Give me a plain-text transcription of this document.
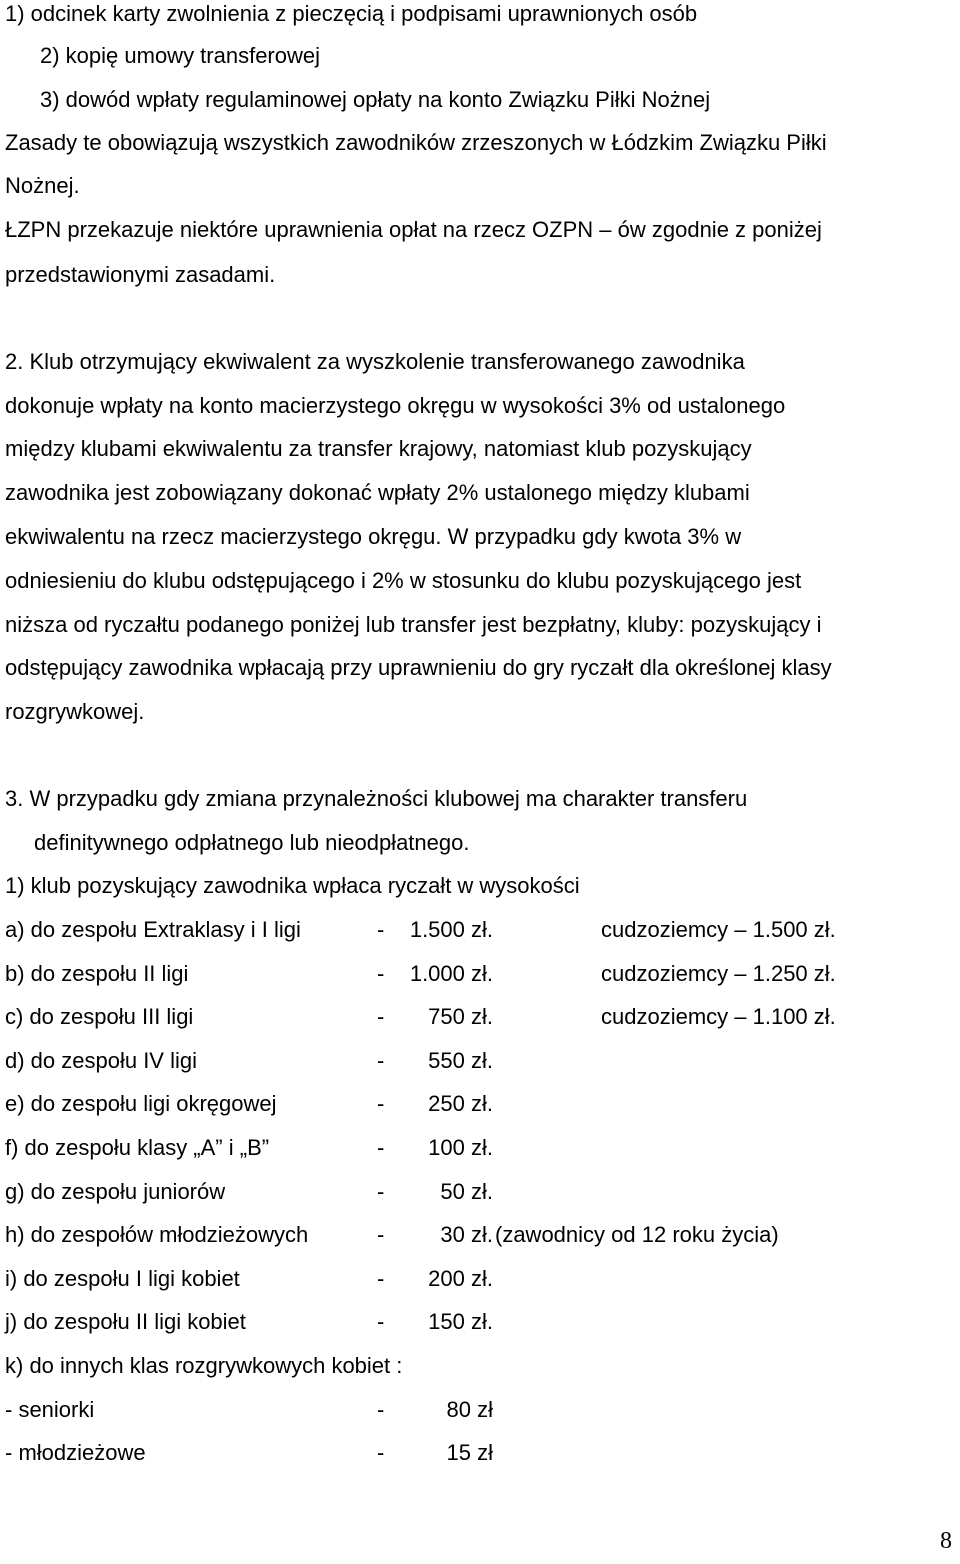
1) odcinek karty zwolnienia z pieczęcią i podpisami uprawnionych osób
2) kopię umowy transferowej
3) dowód wpłaty regulaminowej opłaty na konto Związku Piłki Nożnej
Zasady te obowiązują wszystkich zawodników zrzeszonych w Łódzkim Związku Piłki
Nożnej.
ŁZPN przekazuje niektóre uprawnienia opłat na rzecz OZPN – ów zgodnie z poniżej
przedstawionymi zasadami.
2. Klub otrzymujący ekwiwalent za wyszkolenie transferowanego zawodnika
dokonuje wpłaty na konto macierzystego okręgu w wysokości 3% od ustalonego
między klubami ekwiwalentu za transfer krajowy, natomiast klub pozyskujący
zawodnika jest zobowiązany dokonać wpłaty 2% ustalonego między klubami
ekwiwalentu na rzecz macierzystego okręgu. W przypadku gdy kwota 3% w
odniesieniu do klubu odstępującego i 2% w stosunku do klubu pozyskującego jest
niższa od ryczałtu podanego poniżej lub transfer jest bezpłatny, kluby: pozyskujący i
odstępujący zawodnika wpłacają przy uprawnieniu do gry ryczałt dla określonej klasy
rozgrywkowej.
3. W przypadku gdy zmiana przynależności klubowej ma charakter transferu
definitywnego odpłatnego lub nieodpłatnego.
1) klub pozyskujący zawodnika wpłaca ryczałt w wysokości
a) do zespołu Extraklasy i I ligi	-	1.500 zł.	cudzoziemcy – 1.500 zł.
b) do zespołu II ligi	-	1.000 zł.	cudzoziemcy – 1.250 zł.
c) do zespołu III ligi	-	750 zł.	cudzoziemcy – 1.100 zł.
d) do zespołu IV ligi	-	550 zł.
e) do zespołu ligi okręgowej	-	250 zł.
f) do zespołu klasy „A” i „B”	-	100 zł.
g) do zespołu juniorów	-	50 zł.
h) do zespołów młodzieżowych	-	30 zł. (zawodnicy od 12 roku życia)
i) do zespołu I ligi kobiet	-	200 zł.
j) do zespołu II ligi kobiet	-	150 zł.
k) do innych klas rozgrywkowych kobiet :
- seniorki	-	80 zł
- młodzieżowe	-	15 zł
8
